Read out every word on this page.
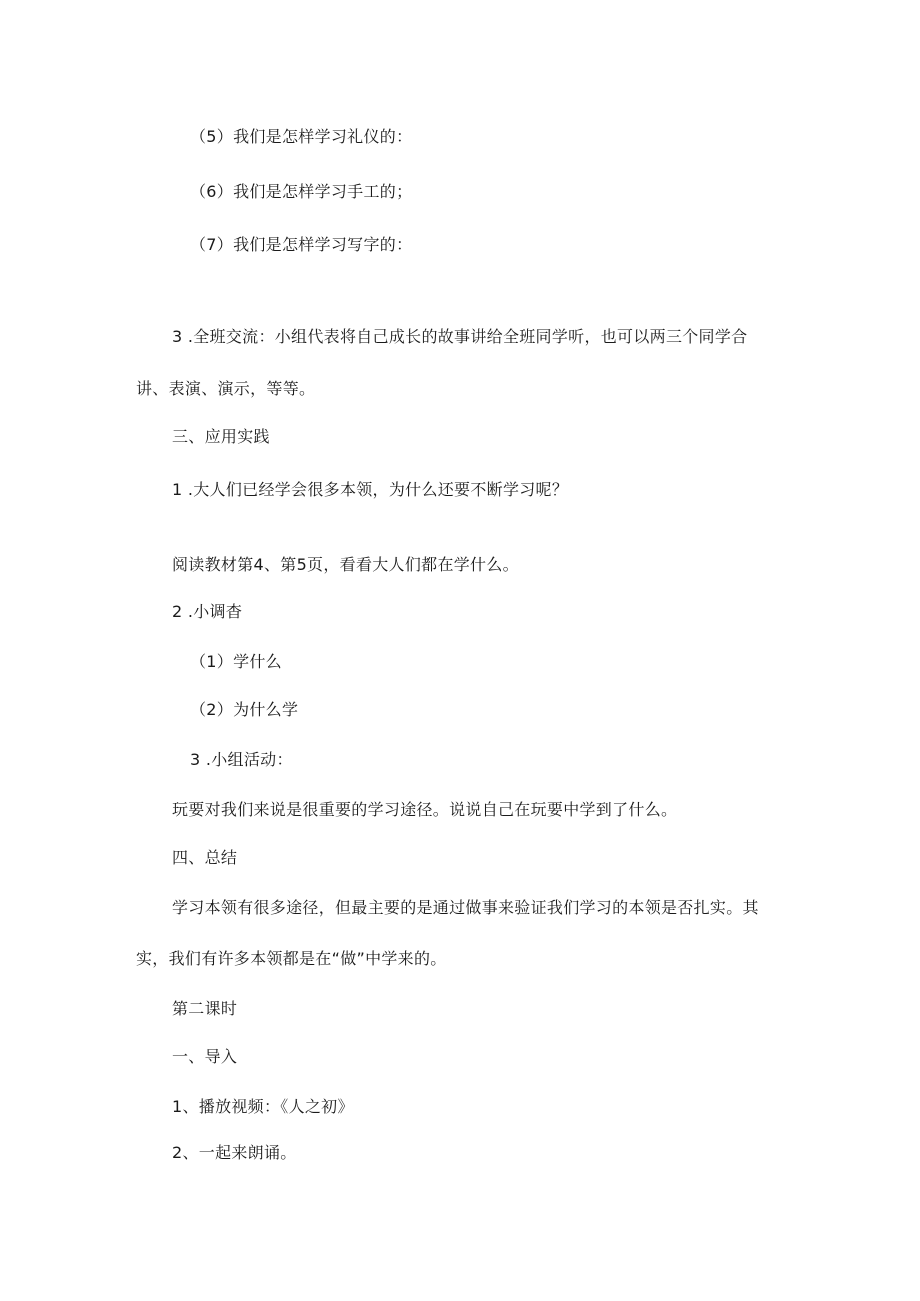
（5）我们是怎样学习礼仪的：
（6）我们是怎样学习手工的；
（7）我们是怎样学习写字的：
3 .全班交流：小组代表将自己成长的故事讲给全班同学听，也可以两三个同学合
讲、表演、演示，等等。
三、应用实践
1 .大人们已经学会很多本领，为什么还要不断学习呢？
阅读教材第4、第5页，看看大人们都在学什么。
2 .小调杳
（1）学什么
（2）为什么学
3 .小组活动：
玩要对我们来说是很重要的学习途径。说说自己在玩要中学到了什么。
四、总结
学习本领有很多途径，但最主要的是通过做事来验证我们学习的本领是否扎实。其
实，我们有许多本领都是在“做”中学来的。
第二课时
一、导入
1、播放视频：《人之初》
2、一起来朗诵。
